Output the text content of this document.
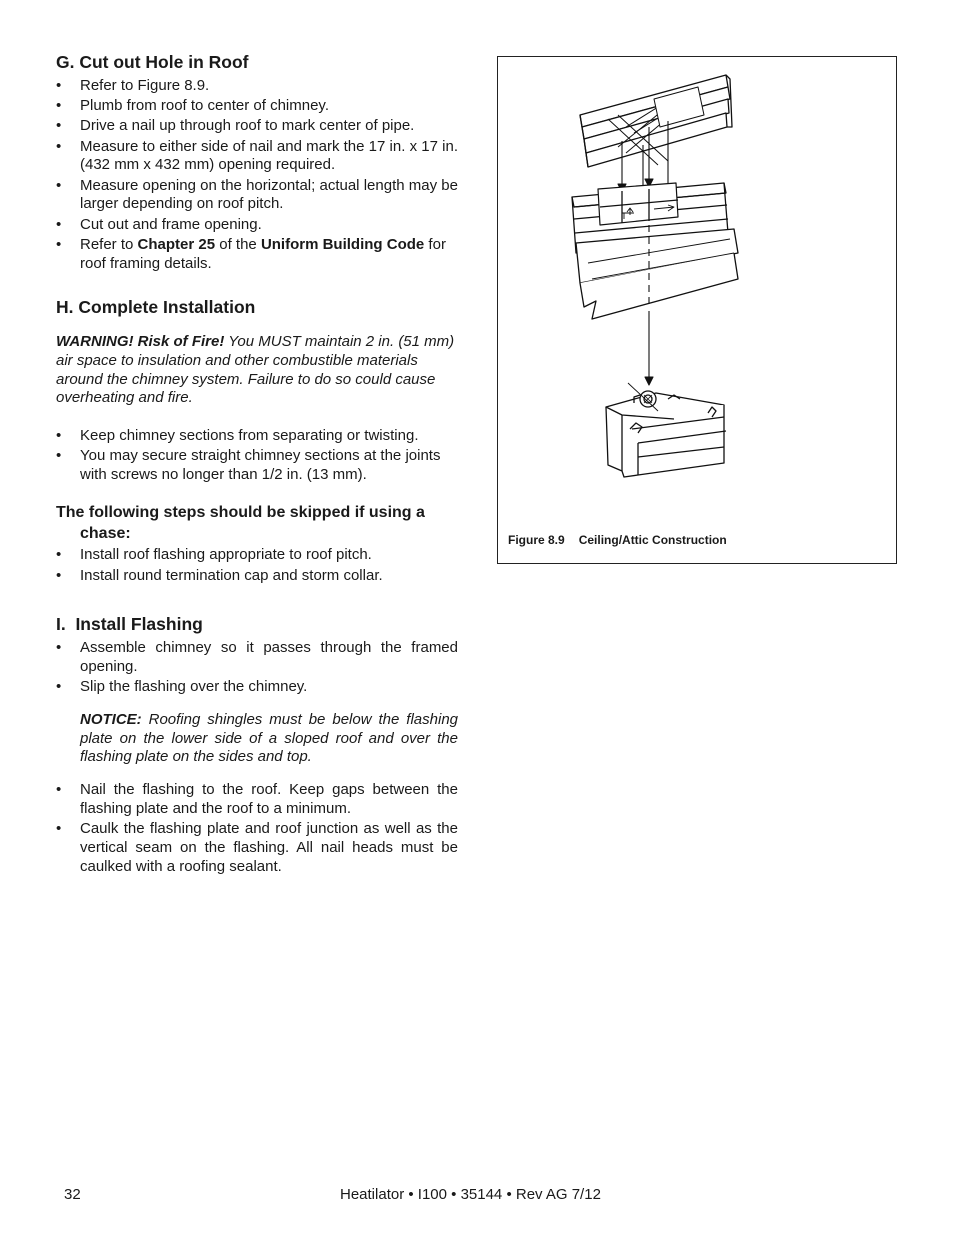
G. Cut out Hole in Roof
• Refer to Figure 8.9.
• Plumb from roof to center of chimney.
• Drive a nail up through roof to mark center of pipe.
• Measure to either side of nail and mark the 17 in. x 17 in. (432 mm x 432 mm) opening required.
• Measure opening on the horizontal; actual length may be larger depending on roof pitch.
• Cut out and frame opening.
• Refer to Chapter 25 of the Uniform Building Code for roof framing details.
H. Complete Installation

WARNING! Risk of Fire! You MUST maintain 2 in. (51 mm) air space to insulation and other combustible materials around the chimney system. Failure to do so could cause overheating and fire.

• Keep chimney sections from separating or twisting.
• You may secure straight chimney sections at the joints with screws no longer than 1/2 in. (13 mm).
The following steps should be skipped if using a chase:
• Install roof flashing appropriate to roof pitch.
• Install round termination cap and storm collar.
I.  Install Flashing
• Assemble chimney so it passes through the framed opening.
• Slip the flashing over the chimney.

NOTICE: Roofing shingles must be below the flashing plate on the lower side of a sloped roof and over the flashing plate on the sides and top.

• Nail the flashing to the roof. Keep gaps between the flashing plate and the roof to a minimum.
• Caulk the flashing plate and roof junction as well as the vertical seam on the flashing. All nail heads must be caulked with a roofing sealant.
Figure 8.9 Ceiling/Attic Construction
32	Heatilator • I100 • 35144 • Rev AG 7/12
